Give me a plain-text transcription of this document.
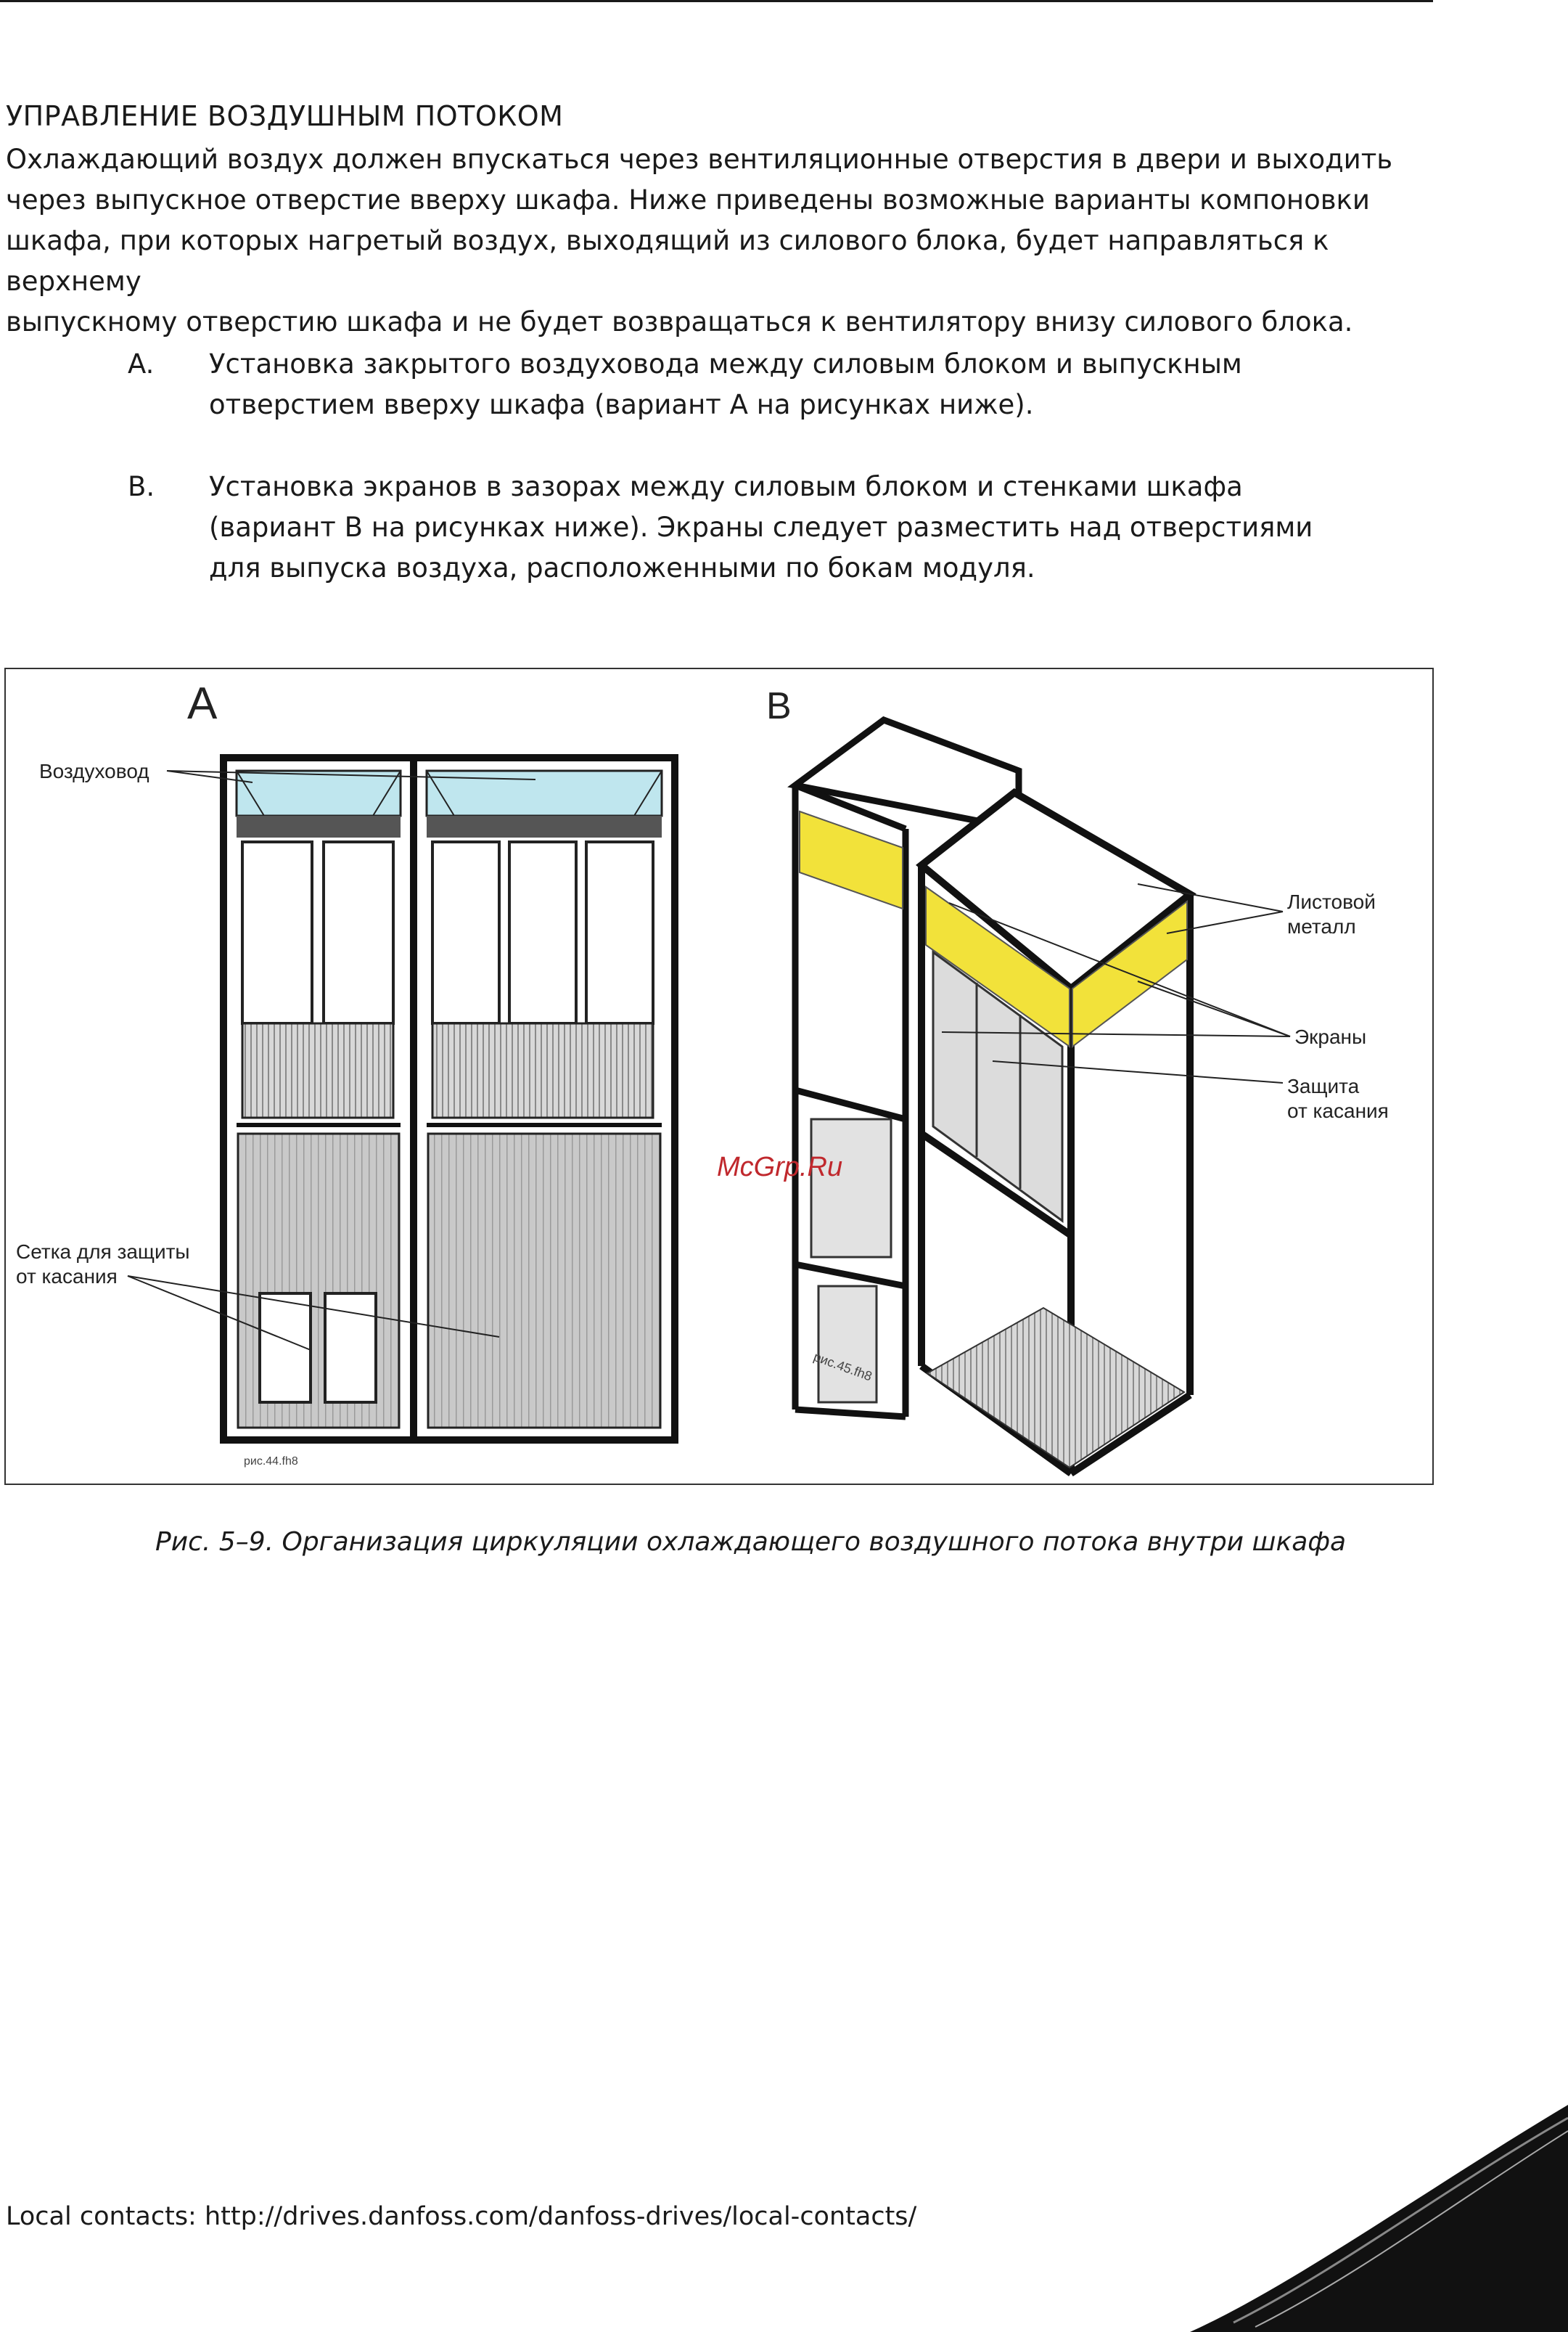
УПРАВЛЕНИЕ ВОЗДУШНЫМ ПОТОКОМ
Охлаждающий воздух должен впускаться через вентиляционные отверстия в двери и выходить
через выпускное отверстие вверху шкафа. Ниже приведены возможные варианты компоновки
шкафа, при которых нагретый воздух, выходящий из силового блока, будет направляться к верхнему
выпускному отверстию шкафа и не будет возвращаться к вентилятору внизу силового блока.
A. Установка закрытого воздуховода между силовым блоком и выпускным
отверстием вверху шкафа (вариант A на рисунках ниже).
B. Установка экранов в зазорах между силовым блоком и стенками шкафа
(вариант B на рисунках ниже). Экраны следует разместить над отверстиями
для выпуска воздуха, расположенными по бокам модуля.
A
Воздуховод
Сетка для защиты
от касания
рис.44.fh8
B
Листовой
металл
Экраны
Защита
от касания
рис.45.fh8
McGrp.Ru
Рис. 5–9. Организация циркуляции охлаждающего воздушного потока внутри шкафа
Local contacts: http://drives.danfoss.com/danfoss-drives/local-contacts/
